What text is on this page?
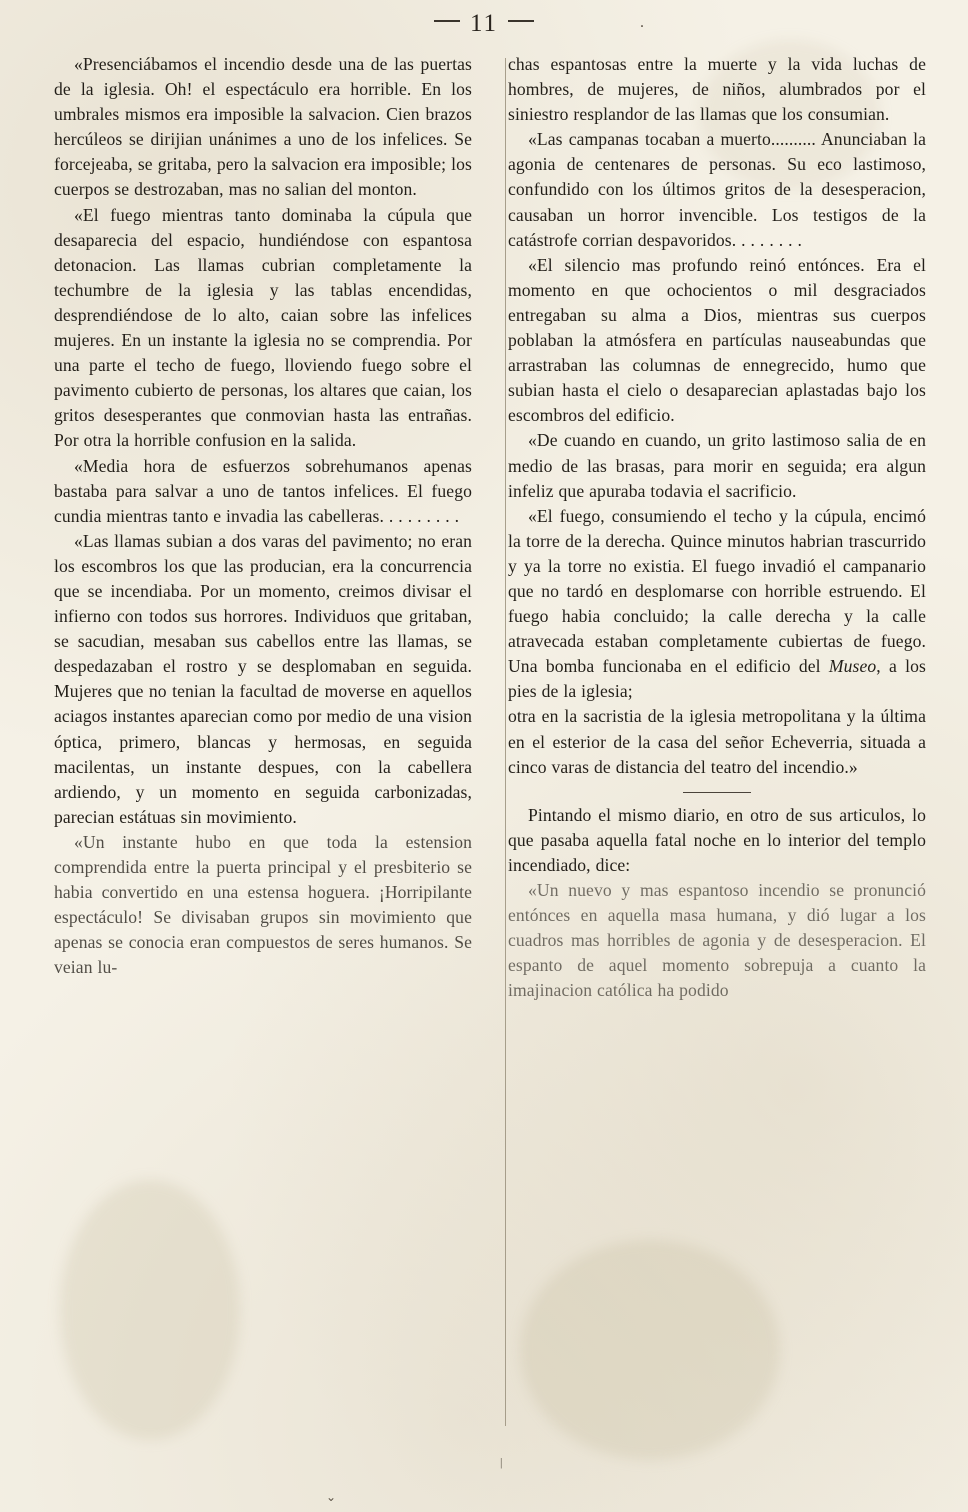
11	.

«Presenciábamos el incendio desde una de las puertas de la iglesia. Oh! el espectáculo era horrible. En los umbrales mismos era imposible la salvacion. Cien brazos hercúleos se dirijian unánimes a uno de los infelices. Se forcejeaba, se gritaba, pero la salvacion era imposible; los cuerpos se destrozaban, mas no salian del monton.

«El fuego mientras tanto dominaba la cúpula que desaparecia del espacio, hundiéndose con espantosa detonacion. Las llamas cubrian completamente la techumbre de la iglesia y las tablas encendidas, desprendiéndose de lo alto, caian sobre las infelices mujeres. En un instante la iglesia no se comprendia. Por una parte el techo de fuego, lloviendo fuego sobre el pavimento cubierto de personas, los altares que caian, los gritos desesperantes que conmovian hasta las entrañas. Por otra la horrible confusion en la salida.

«Media hora de esfuerzos sobrehumanos apenas bastaba para salvar a uno de tantos infelices. El fuego cundia mientras tanto e invadia las cabelleras. . . . . . . . .

«Las llamas subian a dos varas del pavimento; no eran los escombros los que las producian, era la concurrencia que se incendiaba. Por un momento, creimos divisar el infierno con todos sus horrores. Individuos que gritaban, se sacudian, mesaban sus cabellos entre las llamas, se despedazaban el rostro y se desplomaban en seguida. Mujeres que no tenian la facultad de moverse en aquellos aciagos instantes aparecian como por medio de una vision óptica, primero, blancas y hermosas, en seguida macilentas, un instante despues, con la cabellera ardiendo, y un momento en seguida carbonizadas, parecian estátuas sin movimiento.

«Un instante hubo en que toda la estension comprendida entre la puerta principal y el presbiterio se habia convertido en una estensa hoguera. ¡Horripilante espectáculo! Se divisaban grupos sin movimiento que apenas se conocia eran compuestos de seres humanos. Se veian lu-

chas espantosas entre la muerte y la vida luchas de hombres, de mujeres, de niños, alumbrados por el siniestro resplandor de las llamas que los consumian.

«Las campanas tocaban a muerto.......... Anunciaban la agonia de centenares de personas. Su eco lastimoso, confundido con los últimos gritos de la desesperacion, causaban un horror invencible. Los testigos de la catástrofe corrian despavoridos. . . . . . . .

«El silencio mas profundo reinó entónces. Era el momento en que ochocientos o mil desgraciados entregaban su alma a Dios, mientras sus cuerpos poblaban la atmósfera en partículas nauseabundas que arrastraban las columnas de ennegrecido, humo que subian hasta el cielo o desaparecian aplastadas bajo los escombros del edificio.

«De cuando en cuando, un grito lastimoso salia de en medio de las brasas, para morir en seguida; era algun infeliz que apuraba todavia el sacrificio.

«El fuego, consumiendo el techo y la cúpula, encimó la torre de la derecha. Quince minutos habrian trascurrido y ya la torre no existia. El fuego invadió el campanario que no tardó en desplomarse con horrible estruendo. El fuego habia concluido; la calle derecha y la calle atravecada estaban completamente cubiertas de fuego. Una bomba funcionaba en el edificio del Museo, a los pies de la iglesia;

otra en la sacristia de la iglesia metropolitana y la última en el esterior de la casa del señor Echeverria, situada a cinco varas de distancia del teatro del incendio.»

Pintando el mismo diario, en otro de sus articulos, lo que pasaba aquella fatal noche en lo interior del templo incendiado, dice:

«Un nuevo y mas espantoso incendio se pronunció entónces en aquella masa humana, y dió lugar a los cuadros mas horribles de agonia y de desesperacion. El espanto de aquel momento sobrepuja a cuanto la imajinacion católica ha podido

|
⌄
